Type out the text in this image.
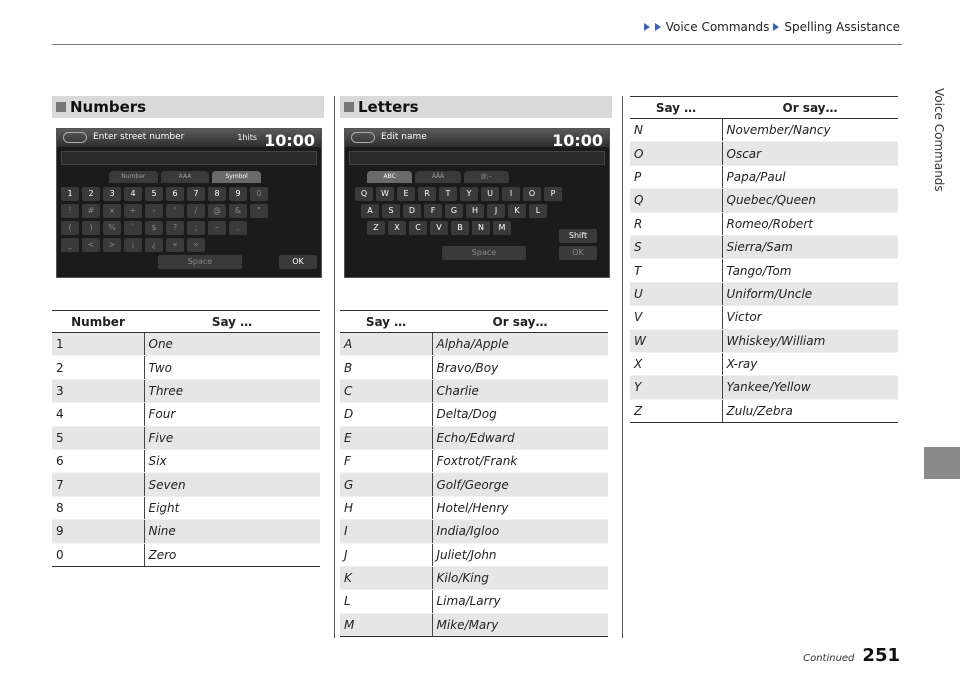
Voice Commands Spelling Assistance
Voice Commands
Numbers
Enter street number	1hits 10:00
Number	AAA	Symbol
1	2	3	4	5	6	7	8	9	0
!	#	x	+	-	'	/	@	&	"
(	)	%	`	$	?	;	–	.
_	<	>	¡	¿	«	»
Space	OK
Number	Say …
1	One
2	Two
3	Three
4	Four
5	Five
6	Six
7	Seven
8	Eight
9	Nine
0	Zero
Letters
Edit name	10:00
ABC	ÄÅÄ	@;–
Q	W	E	R	T	Y	U	I	O	P
A	S	D	F	G	H	J	K	L
Z	X	C	V	B	N	M
Shift
Space	OK
Say …	Or say…
A	Alpha/Apple
B	Bravo/Boy
C	Charlie
D	Delta/Dog
E	Echo/Edward
F	Foxtrot/Frank
G	Golf/George
H	Hotel/Henry
I	India/Igloo
J	Juliet/John
K	Kilo/King
L	Lima/Larry
M	Mike/Mary
Say …	Or say…
N	November/Nancy
O	Oscar
P	Papa/Paul
Q	Quebec/Queen
R	Romeo/Robert
S	Sierra/Sam
T	Tango/Tom
U	Uniform/Uncle
V	Victor
W	Whiskey/William
X	X-ray
Y	Yankee/Yellow
Z	Zulu/Zebra
Continued 251
